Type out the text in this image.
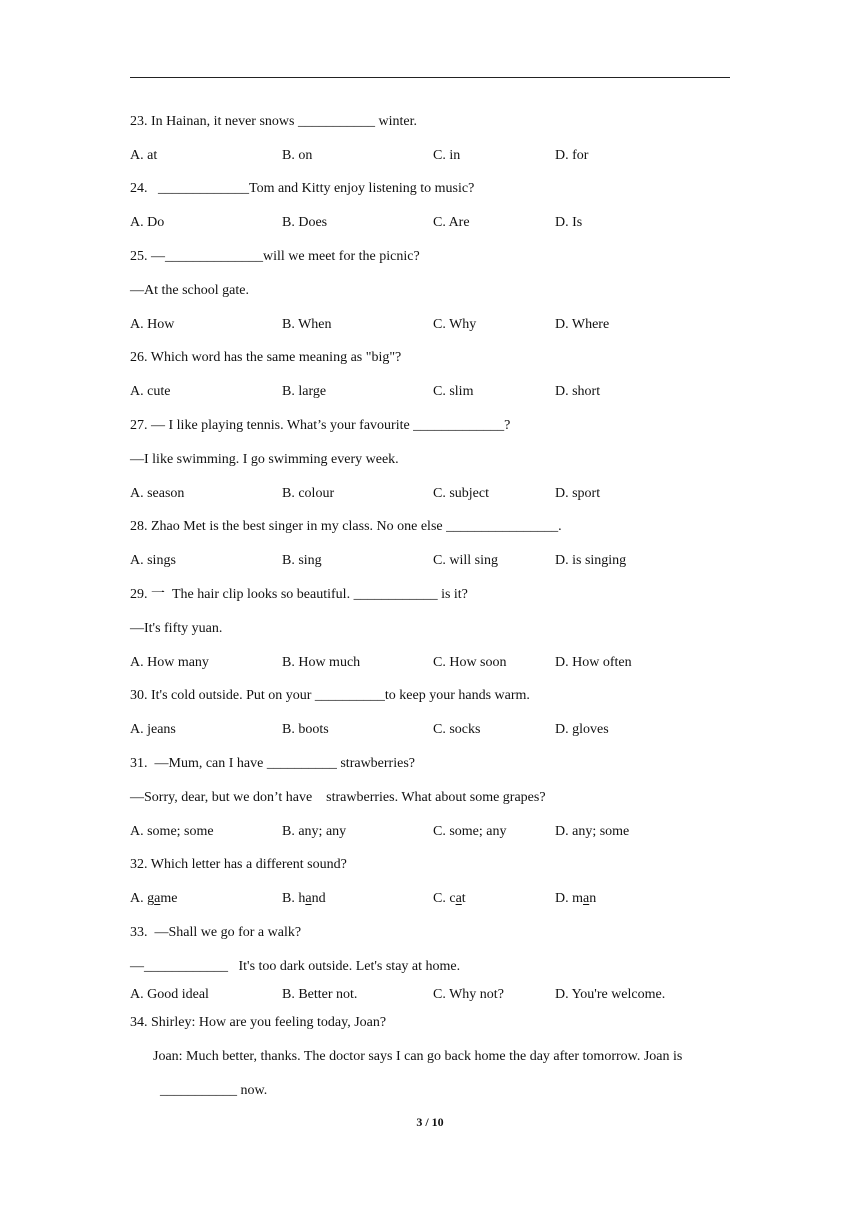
23. In Hainan, it never snows ___________ winter.
A. at	B. on	C. in	D. for
24.   _____________Tom and Kitty enjoy listening to music?
A. Do	B. Does	C. Are	D. Is
25. —______________will we meet for the picnic?
—At the school gate.
A. How	B. When	C. Why	D. Where
26. Which word has the same meaning as "big"?
A. cute	B. large	C. slim	D. short
27. — I like playing tennis. What’s your favourite _____________?
—I like swimming. I go swimming every week.
A. season	B. colour	C. subject	D. sport
28. Zhao Met is the best singer in my class. No one else ________________.
A. sings	B. sing	C. will sing	D. is singing
29. 一  The hair clip looks so beautiful. ____________ is it?
—It's fifty yuan.
A. How many	B. How much	C. How soon	D. How often
30. It's cold outside. Put on your __________to keep your hands warm.
A. jeans	B. boots	C. socks	D. gloves
31.  —Mum, can I have __________ strawberries?
—Sorry, dear, but we don’t have    strawberries. What about some grapes?
A. some; some	B. any; any	C. some; any	D. any; some
32. Which letter has a different sound?
A. game	B. hand	C. cat	D. man
33.  —Shall we go for a walk?
—____________   It's too dark outside. Let's stay at home.
A. Good ideal	B. Better not.	C. Why not?	D. You're welcome.
34. Shirley: How are you feeling today, Joan?
Joan: Much better, thanks. The doctor says I can go back home the day after tomorrow. Joan is
___________ now.
3 / 10
